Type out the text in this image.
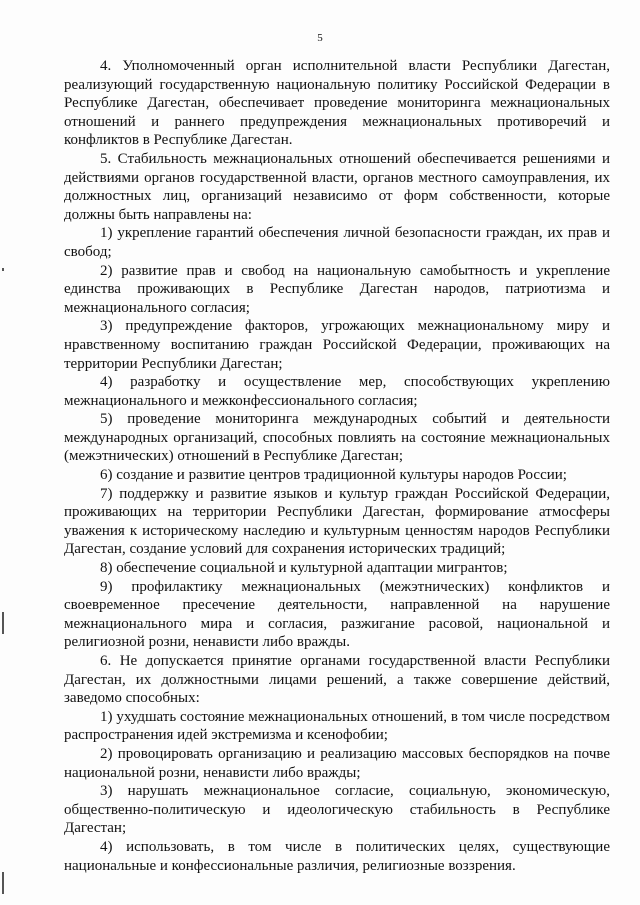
5

4. Уполномоченный орган исполнительной власти Республики Дагестан, реализующий государственную национальную политику Российской Федерации в Республике Дагестан, обеспечивает проведение мониторинга межнациональных отношений и раннего предупреждения межнациональных противоречий и конфликтов в Республике Дагестан.

5. Стабильность межнациональных отношений обеспечивается решениями и действиями органов государственной власти, органов местного самоуправления, их должностных лиц, организаций независимо от форм собственности, которые должны быть направлены на:

1) укрепление гарантий обеспечения личной безопасности граждан, их прав и свобод;

2) развитие прав и свобод на национальную самобытность и укрепление единства проживающих в Республике Дагестан народов, патриотизма и межнационального согласия;

3) предупреждение факторов, угрожающих межнациональному миру и нравственному воспитанию граждан Российской Федерации, проживающих на территории Республики Дагестан;

4) разработку и осуществление мер, способствующих укреплению межнационального и межконфессионального согласия;

5) проведение мониторинга международных событий и деятельности международных организаций, способных повлиять на состояние межнациональных (межэтнических) отношений в Республике Дагестан;

6) создание и развитие центров традиционной культуры народов России;

7) поддержку и развитие языков и культур граждан Российской Федерации, проживающих на территории Республики Дагестан, формирование атмосферы уважения к историческому наследию и культурным ценностям народов Республики Дагестан, создание условий для сохранения исторических традиций;

8) обеспечение социальной и культурной адаптации мигрантов;

9) профилактику межнациональных (межэтнических) конфликтов и своевременное пресечение деятельности, направленной на нарушение межнационального мира и согласия, разжигание расовой, национальной и религиозной розни, ненависти либо вражды.

6. Не допускается принятие органами государственной власти Республики Дагестан, их должностными лицами решений, а также совершение действий, заведомо способных:

1) ухудшать состояние межнациональных отношений, в том числе посредством распространения идей экстремизма и ксенофобии;

2) провоцировать организацию и реализацию массовых беспорядков на почве национальной розни, ненависти либо вражды;

3) нарушать межнациональное согласие, социальную, экономическую, общественно-политическую и идеологическую стабильность в Республике Дагестан;

4) использовать, в том числе в политических целях, существующие национальные и конфессиональные различия, религиозные воззрения.
